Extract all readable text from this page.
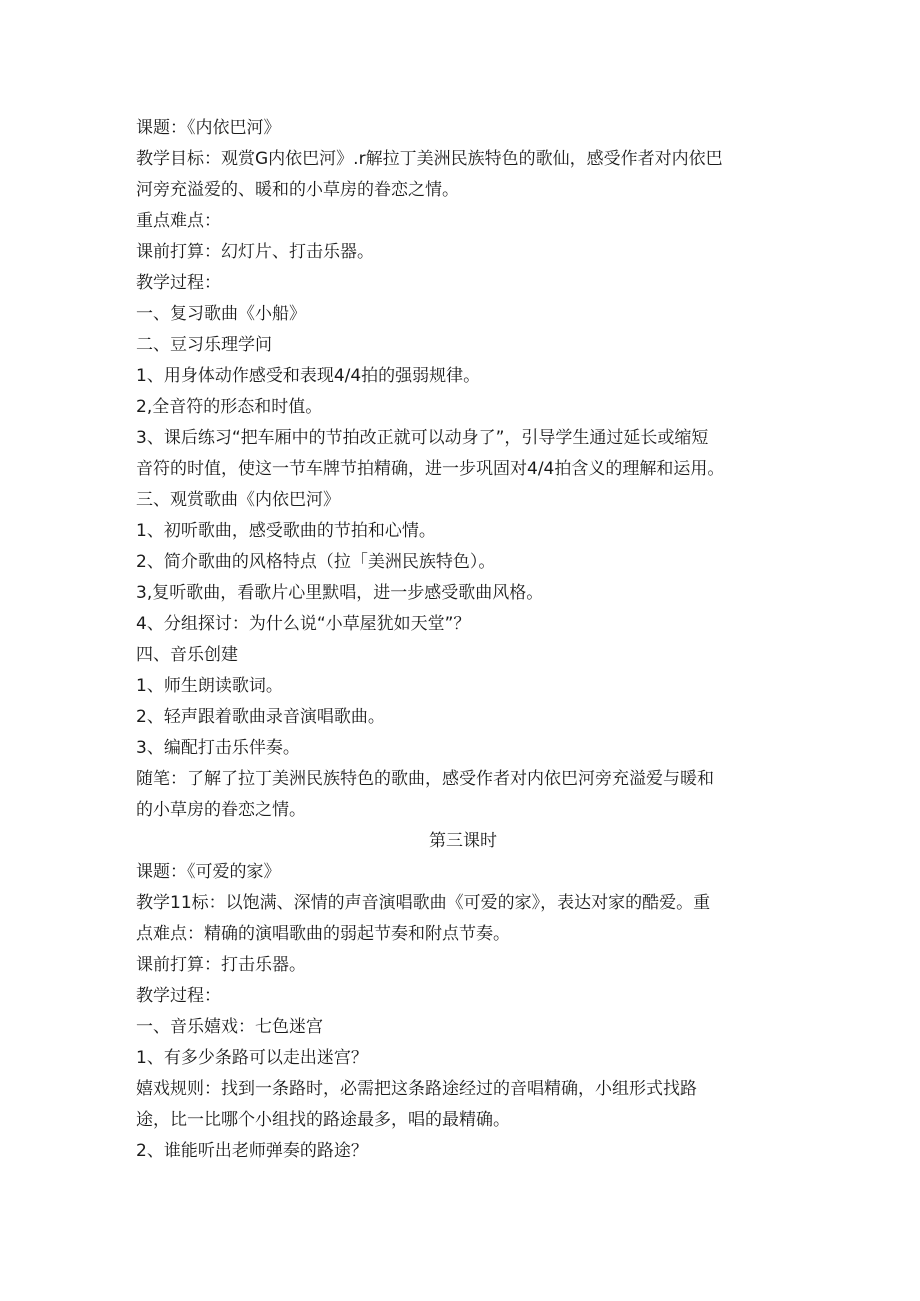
课题：《内依巴河》
教学目标：观赏G内依巴河》.r解拉丁美洲民族特色的歌仙，感受作者对内依巴
河旁充溢爱的、暖和的小草房的眷恋之情。
重点难点：
课前打算：幻灯片、打击乐器。
教学过程：
一、复习歌曲《小船》
二、豆习乐理学问
1、用身体动作感受和表现4/4拍的强弱规律。
2,全音符的形态和时值。
3、课后练习“把车厢中的节拍改正就可以动身了”，引导学生通过延长或缩短
音符的时值，使这一节车牌节拍精确，进一步巩固对4/4拍含义的理解和运用。
三、观赏歌曲《内依巴河》
1、初听歌曲，感受歌曲的节拍和心情。
2、简介歌曲的风格特点（拉「美洲民族特色）。
3,复听歌曲，看歌片心里默唱，进一步感受歌曲风格。
4、分组探讨：为什么说“小草屋犹如天堂”？
四、音乐创建
1、师生朗读歌词。
2、轻声跟着歌曲录音演唱歌曲。
3、编配打击乐伴奏。
随笔：了解了拉丁美洲民族特色的歌曲，感受作者对内依巴河旁充溢爱与暖和
的小草房的眷恋之情。
第三课时
课题：《可爱的家》
教学11标：以饱满、深情的声音演唱歌曲《可爱的家》，表达对家的酷爱。重
点难点：精确的演唱歌曲的弱起节奏和附点节奏。
课前打算：打击乐器。
教学过程：
一、音乐嬉戏：七色迷宫
1、有多少条路可以走出迷宫？
嬉戏规则：找到一条路时，必需把这条路途经过的音唱精确，小组形式找路
途，比一比哪个小组找的路途最多，唱的最精确。
2、谁能听出老师弹奏的路途？
